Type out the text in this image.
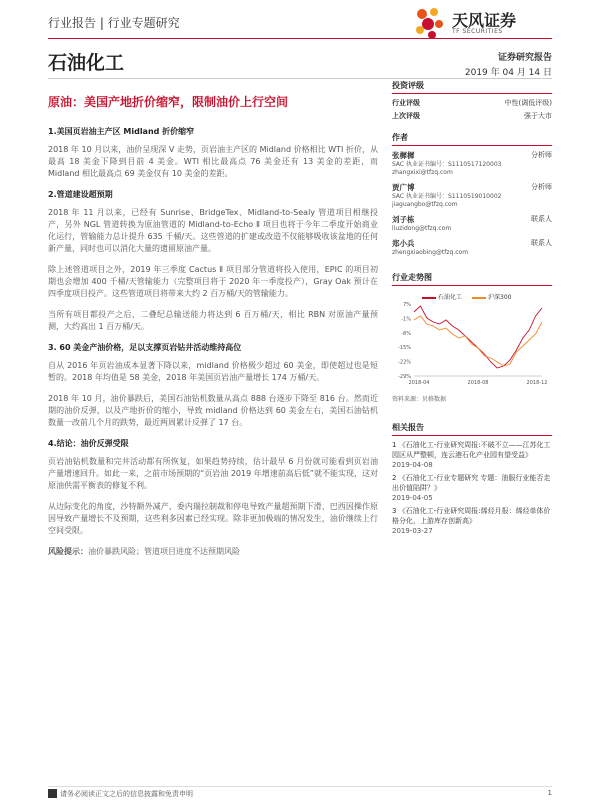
行业报告 | 行业专题研究	天风证券
TF SECURITIES
石油化工	证券研究报告
2019 年 04 月 14 日
原油：美国产地折价缩窄，限制油价上行空间
1.美国页岩油主产区 Midland 折价缩窄

2018 年 10 月以来，油价呈现深 V 走势，页岩油主产区的 Midland 价格相比 WTI 折价，从最高 18 美金下降到目前 4 美金。WTI 相比最高点 76 美金还有 13 美金的差距，而 Midland 相比最高点 69 美金仅有 10 美金的差距。

2.管道建设超预期

2018 年 11 月以来，已经有 Sunrise、BridgeTex、Midland-to-Sealy 管道项目相继投产，另外 NGL 管道转换为原油管道的 Midland-to-Echo Ⅱ 项目也将于今年二季度开始商业化运行，管输能力总计提升 635 千桶/天。这些管道的扩建或改造不仅能够吸收该盆地的任何新产量，同时也可以消化大量的遗留原油产量。

除上述管道项目之外，2019 年三季度 Cactus Ⅱ 项目部分管道将投入使用，EPIC 的项目初期也会增加 400 千桶/天管输能力（完整项目将于 2020 年一季度投产），Gray Oak 预计在四季度项目投产。这些管道项目将带来大约 2 百万桶/天的管输能力。

当所有项目都投产之后，二叠纪总输送能力将达到 6 百万桶/天，相比 RBN 对原油产量预测，大约高出 1 百万桶/天。

3. 60 美金产油价格，足以支撑页岩钻井活动维持高位

自从 2016 年页岩油成本显著下降以来，midland 价格极少超过 60 美金，即使超过也是短暂的。2018 年均值是 58 美金，2018 年美国页岩油产量增长 174 万桶/天。

2018 年 10 月，油价暴跌后，美国石油钻机数量从高点 888 台逐步下降至 816 台。然而近期的油价反弹，以及产地折价的缩小，导致 midland 价格达到 60 美金左右，美国石油钻机数量一改前几个月的跌势，最近两周累计反弹了 17 台。

4.结论：油价反弹受限

页岩油钻机数量和完井活动都有所恢复，如果趋势持续，估计最早 6 月份就可能看到页岩油产量增速回升。如此一来，之前市场预期的“页岩油 2019 年增速前高后低”就不能实现，这对原油供需平衡表的修复不利。

从边际变化的角度，沙特额外减产、委内瑞拉制裁和停电导致产量超预期下滑、巴西因操作原因导致产量增长不及预期，这些利多因素已经实现。除非更加极端的情况发生，油价继续上行空间受限。

风险提示：油价暴跌风险；管道项目进度不达预期风险

投资评级
行业评级	中性(调低评级)
上次评级	强于大市
作者
张樨樨	分析师
SAC 执业证书编号：S1110517120003
zhangxixi@tfzq.com
贾广博	分析师
SAC 执业证书编号：S1110519010002
jiaguangbo@tfzq.com
刘子栋	联系人
liuzidong@tfzq.com
郑小兵	联系人
zhengxiaobing@tfzq.com
行业走势图
石油化工	沪深300
7%
-1%
-8%
-15%
-22%
-29%
2018-04	2018-08	2018-12
资料来源：贝格数据
相关报告
1 《石油化工-行业研究周报:不破不立——江苏化工园区从严整顿，连云港石化产业园有望受益》
2019-04-08
2 《石油化工-行业专题研究 专题：油服行业能否走出价值陷阱？》
2019-04-05
3 《石油化工-行业研究周报:烯烃月报：烯烃单体价格分化，上游库存创新高》
2019-03-27
请务必阅读正文之后的信息披露和免责申明	1
